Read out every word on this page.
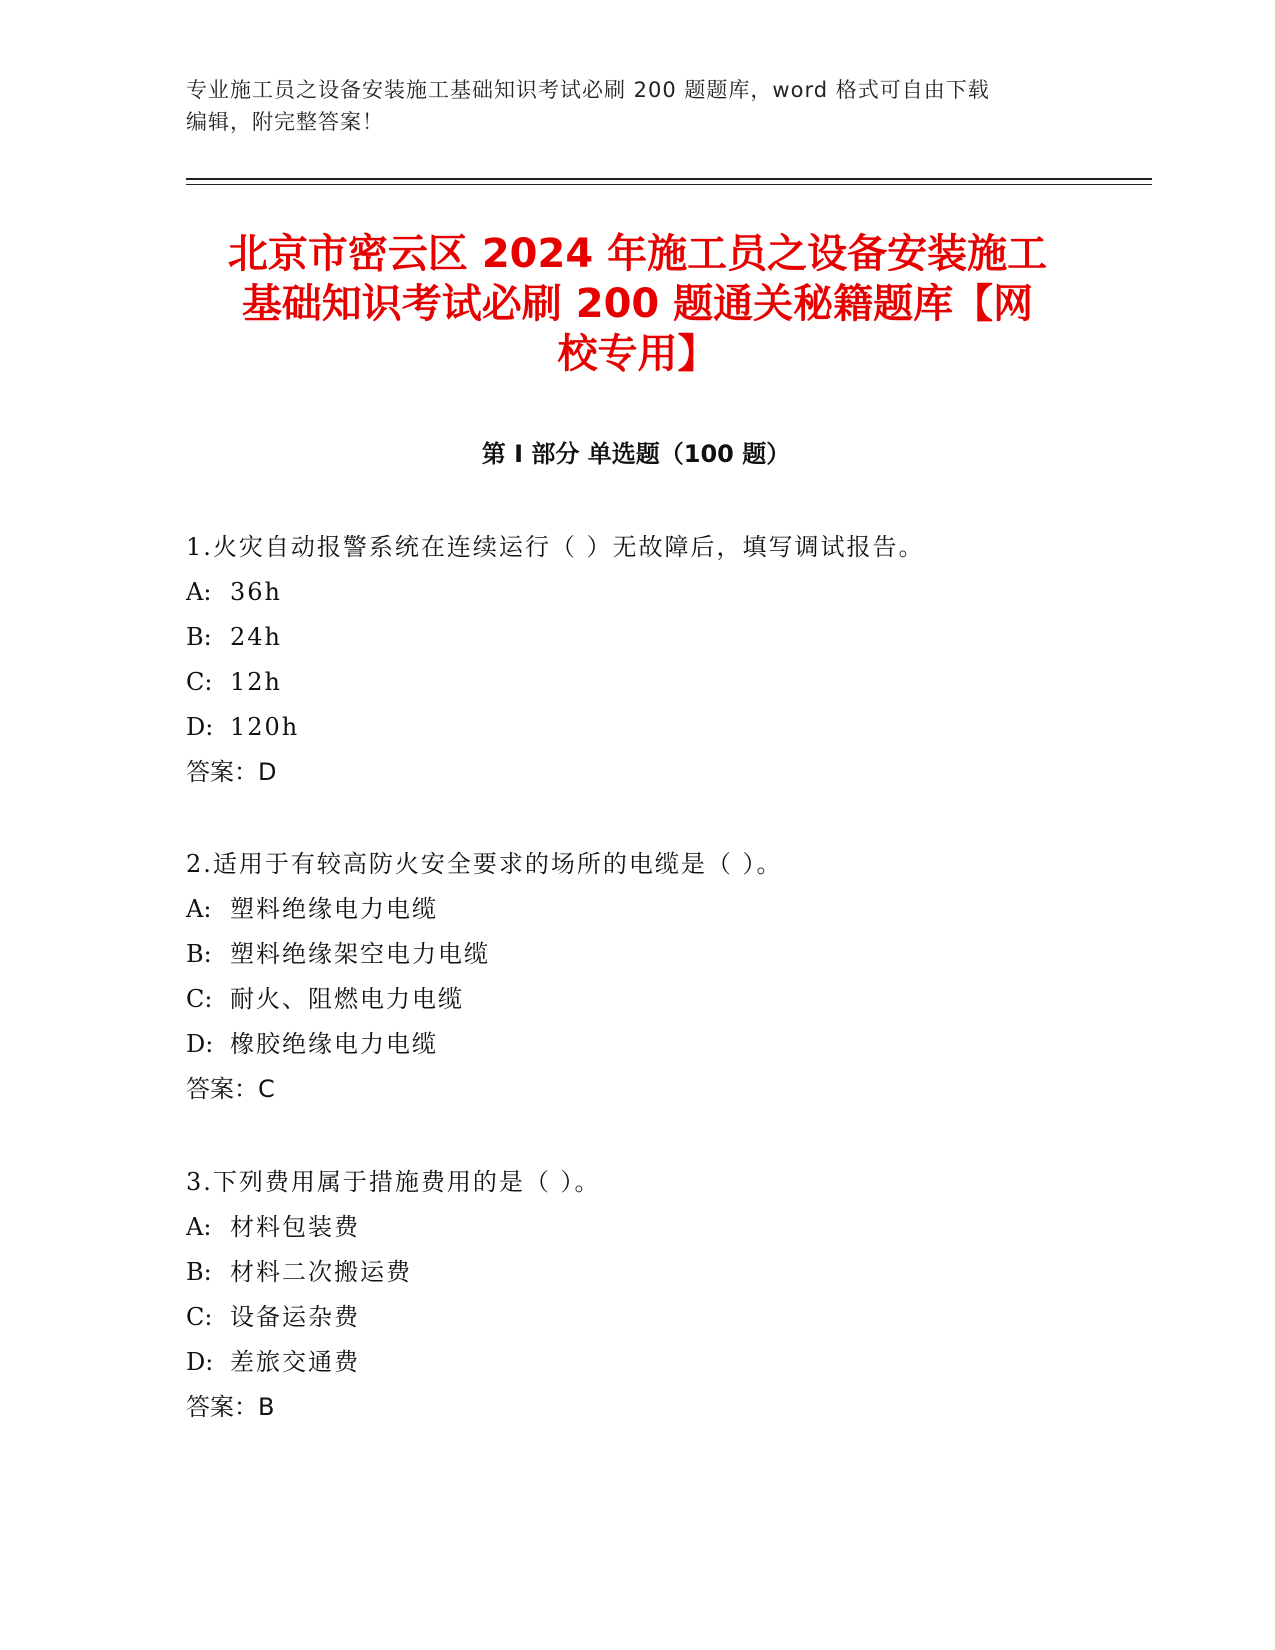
专业施工员之设备安装施工基础知识考试必刷 200 题题库，word 格式可自由下载
编辑，附完整答案！
北京市密云区 2024 年施工员之设备安装施工
基础知识考试必刷 200 题通关秘籍题库【网
校专用】
第 I 部分 单选题（100 题）
1.火灾自动报警系统在连续运行（ ）无故障后，填写调试报告。
A: 36h
B: 24h
C: 12h
D: 120h
答案：D
2.适用于有较高防火安全要求的场所的电缆是（ ）。
A: 塑料绝缘电力电缆
B: 塑料绝缘架空电力电缆
C: 耐火、阻燃电力电缆
D: 橡胶绝缘电力电缆
答案：C
3.下列费用属于措施费用的是（ ）。
A: 材料包装费
B: 材料二次搬运费
C: 设备运杂费
D: 差旅交通费
答案：B
